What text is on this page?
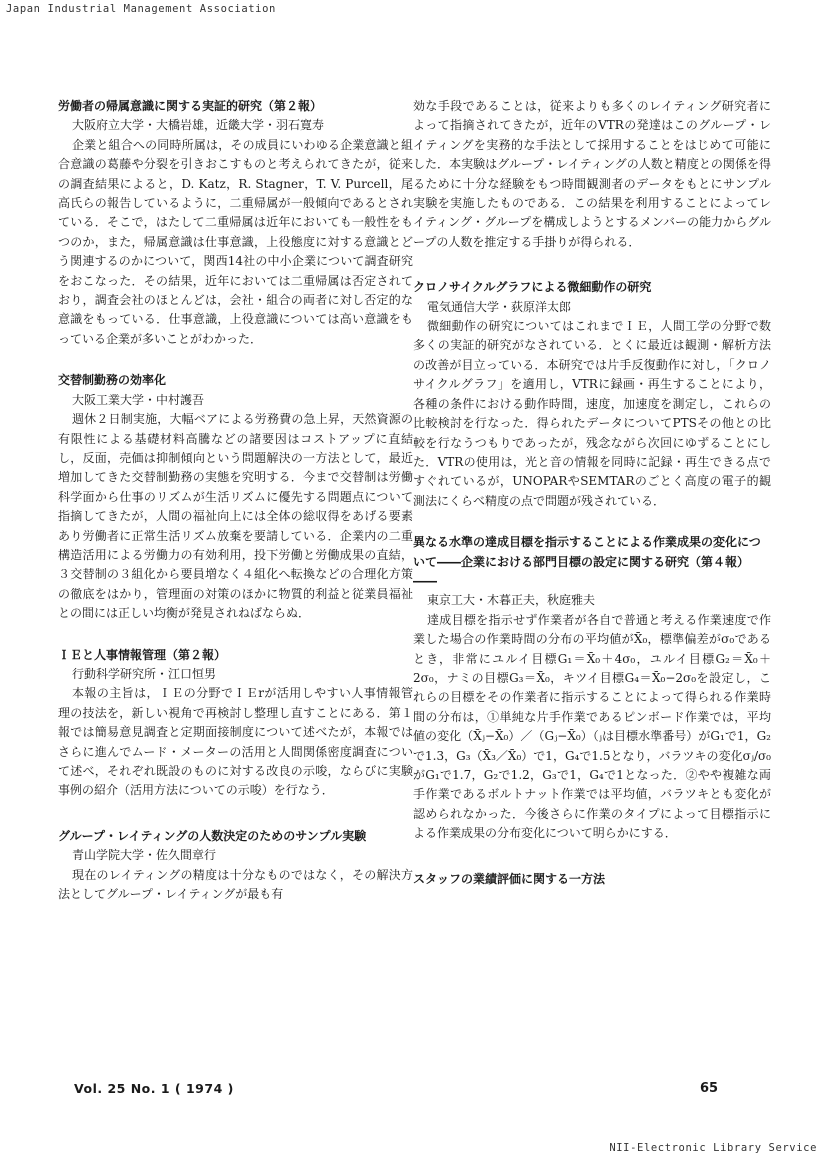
Japan Industrial Management Association

労働者の帰属意識に関する実証的研究（第２報）

大阪府立大学・大橋岩雄，近畿大学・羽石寛寿

企業と組合への同時所属は，その成員にいわゆる企業意識と組合意識の葛藤や分裂を引きおこすものと考えられてきたが，従来の調査結果によると，D. Katz，R. Stagner，T. V. Purcell，尾高氏らの報告しているように，二重帰属が一般傾向であるとされている．そこで，はたして二重帰属は近年においても一般性をもつのか，また，帰属意識は仕事意識，上役態度に対する意識とどう関連するのかについて，関西14社の中小企業について調査研究をおこなった．その結果，近年においては二重帰属は否定されており，調査会社のほとんどは，会社・組合の両者に対し否定的な意識をもっている．仕事意識，上役意識については高い意識をもっている企業が多いことがわかった．

交替制勤務の効率化

大阪工業大学・中村護吾

週休２日制実施，大幅ベアによる労務費の急上昇，天然資源の有限性による基礎材料高騰などの諸要因はコストアップに直結し，反面，売価は抑制傾向という問題解決の一方法として，最近増加してきた交替制勤務の実態を究明する．今まで交替制は労働科学面から仕事のリズムが生活リズムに優先する問題点について指摘してきたが，人間の福祉向上には全体の総収得をあげる要素あり労働者に正常生活リズム放棄を要請している．企業内の二重構造活用による労働力の有効利用，投下労働と労働成果の直結，３交替制の３組化から要員増なく４組化へ転換などの合理化方策の徹底をはかり，管理面の対策のほかに物質的利益と従業員福祉との間には正しい均衡が発見されねばならぬ．

ＩＥと人事情報管理（第２報）

行動科学研究所・江口恒男

本報の主旨は，ＩＥの分野でＩＥrが活用しやすい人事情報管理の技法を，新しい視角で再検討し整理し直すことにある．第１報では簡易意見調査と定期面接制度について述べたが，本報ではさらに進んでムード・メーターの活用と人間関係密度調査について述べ，それぞれ既設のものに対する改良の示唆，ならびに実験事例の紹介（活用方法についての示唆）を行なう．

グループ・レイティングの人数決定のためのサンプル実験

青山学院大学・佐久間章行

現在のレイティングの精度は十分なものではなく，その解決方法としてグループ・レイティングが最も有

効な手段であることは，従来よりも多くのレイティング研究者によって指摘されてきたが，近年のVTRの発達はこのグループ・レイティングを実務的な手法として採用することをはじめて可能にした．本実験はグループ・レイティングの人数と精度との関係を得るために十分な経験をもつ時間観測者のデータをもとにサンプル実験を実施したものである．この結果を利用することによってレイティング・グループを構成しようとするメンバーの能力からグループの人数を推定する手掛りが得られる．

クロノサイクルグラフによる微細動作の研究

電気通信大学・荻原洋太郎

微細動作の研究についてはこれまでＩＥ，人間工学の分野で数多くの実証的研究がなされている．とくに最近は観測・解析方法の改善が目立っている．本研究では片手反復動作に対し，「クロノサイクルグラフ」を適用し，VTRに録画・再生することにより，各種の条件における動作時間，速度，加速度を測定し，これらの比較検討を行なった．得られたデータについてPTSその他との比較を行なうつもりであったが，残念ながら次回にゆずることにした．VTRの使用は，光と音の情報を同時に記録・再生できる点ですぐれているが，UNOPARやSEMTARのごとく高度の電子的観測法にくらべ精度の点で問題が残されている．

異なる水準の達成目標を指示することによる作業成果の変化について――企業における部門目標の設定に関する研究（第４報）――

東京工大・木暮正夫，秋庭雅夫

達成目標を指示せず作業者が各自で普通と考える作業速度で作業した場合の作業時間の分布の平均値がX̄₀，標準偏差がσ₀であるとき，非常にユルイ目標G₁＝X̄₀＋4σ₀，ユルイ目標G₂＝X̄₀＋2σ₀，ナミの目標G₃＝X̄₀，キツイ目標G₄＝X̄₀−2σ₀を設定し，これらの目標をその作業者に指示することによって得られる作業時間の分布は，①単純な片手作業であるピンボード作業では，平均値の変化（X̄ⱼ−X̄₀）／（Gⱼ−X̄₀）（ⱼは目標水準番号）がG₁で1，G₂で1.3，G₃（X̄₃／X̄₀）で1，G₄で1.5となり，バラツキの変化σⱼ/σ₀がG₁で1.7，G₂で1.2，G₃で1，G₄で1となった．②やや複雑な両手作業であるボルトナット作業では平均値，バラツキとも変化が認められなかった．今後さらに作業のタイプによって目標指示による作業成果の分布変化について明らかにする．

スタッフの業績評価に関する一方法

Vol. 25 No. 1 ( 1974 )	65
NII-Electronic Library Service
